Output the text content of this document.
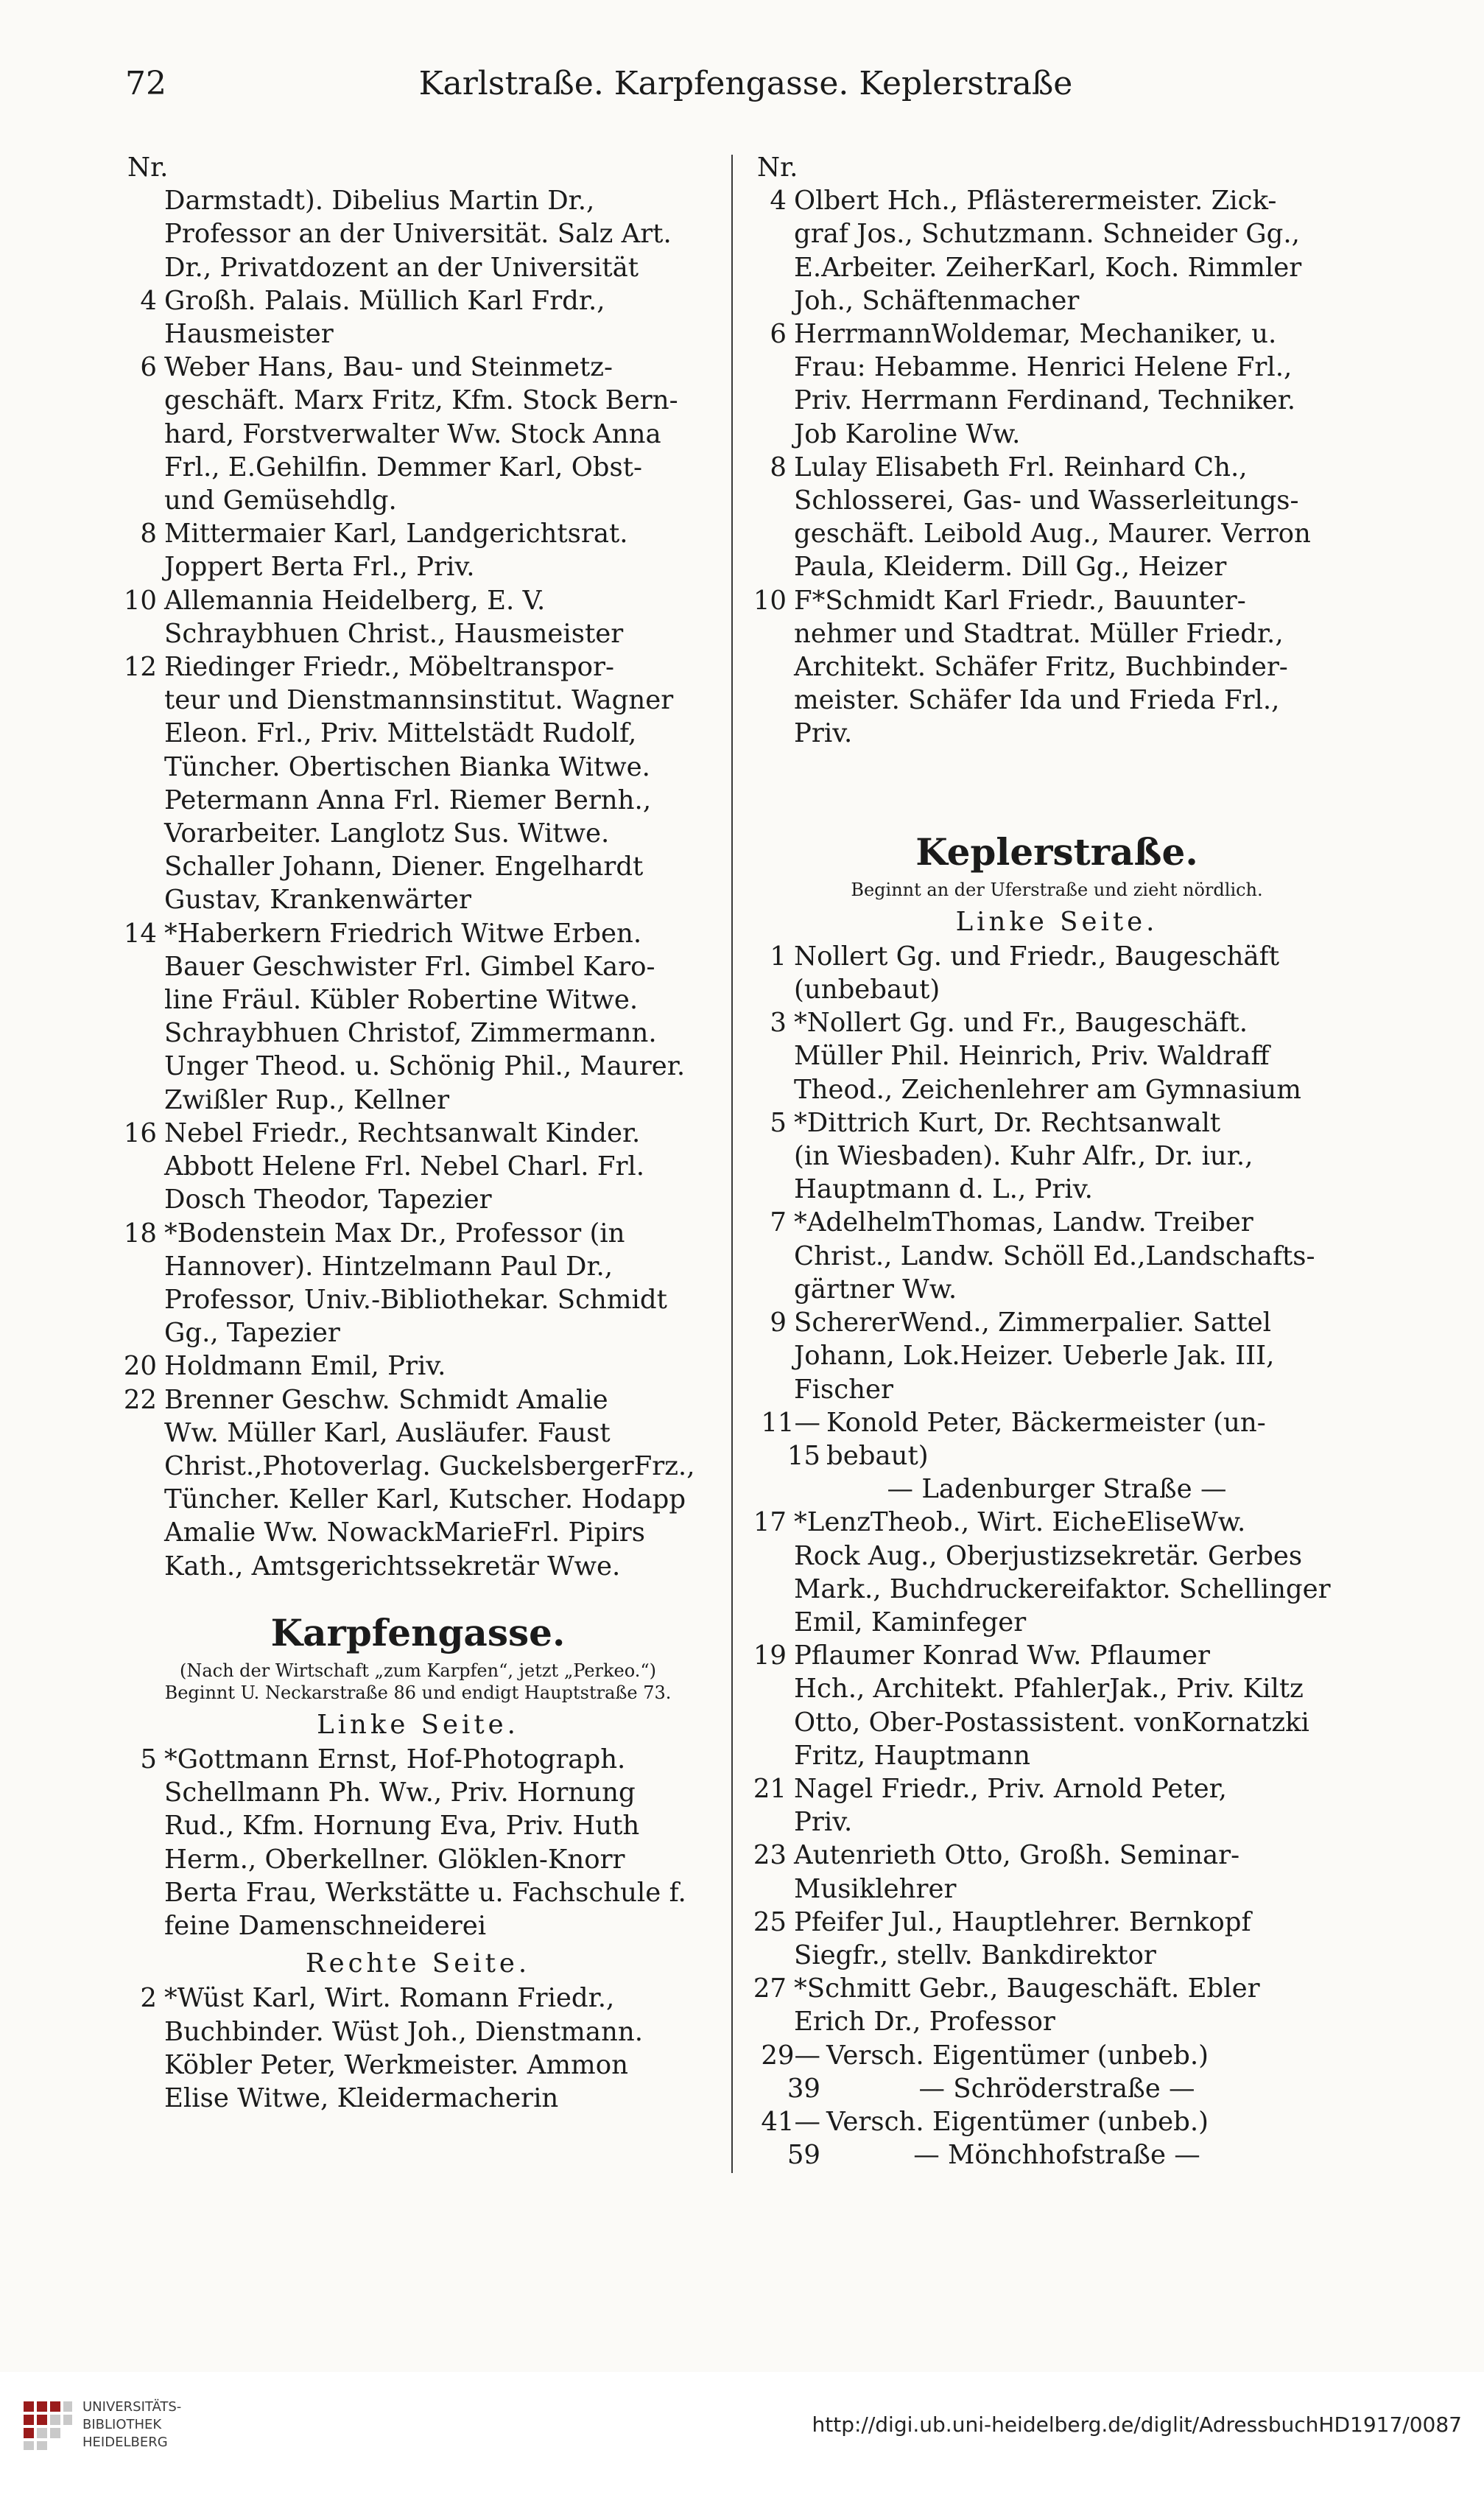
72	Karlstraße. Karpfengasse. Keplerstraße
Nr.
Darmstadt). Dibelius Martin Dr.,
Professor an der Universität. Salz Art.
Dr., Privatdozent an der Universität
4 Großh. Palais. Müllich Karl Frdr.,
Hausmeister
6 Weber Hans, Bau- und Steinmetz-
geschäft. Marx Fritz, Kfm. Stock Bern-
hard, Forstverwalter Ww. Stock Anna
Frl., E.Gehilfin. Demmer Karl, Obst-
und Gemüsehdlg.
8 Mittermaier Karl, Landgerichtsrat.
Joppert Berta Frl., Priv.
10 Allemannia Heidelberg, E. V.
Schraybhuen Christ., Hausmeister
12 Riedinger Friedr., Möbeltranspor-
teur und Dienstmannsinstitut. Wagner
Eleon. Frl., Priv. Mittelstädt Rudolf,
Tüncher. Obertischen Bianka Witwe.
Petermann Anna Frl. Riemer Bernh.,
Vorarbeiter. Langlotz Sus. Witwe.
Schaller Johann, Diener. Engelhardt
Gustav, Krankenwärter
14 *Haberkern Friedrich Witwe Erben.
Bauer Geschwister Frl. Gimbel Karo-
line Fräul. Kübler Robertine Witwe.
Schraybhuen Christof, Zimmermann.
Unger Theod. u. Schönig Phil., Maurer.
Zwißler Rup., Kellner
16 Nebel Friedr., Rechtsanwalt Kinder.
Abbott Helene Frl. Nebel Charl. Frl.
Dosch Theodor, Tapezier
18 *Bodenstein Max Dr., Professor (in
Hannover). Hintzelmann Paul Dr.,
Professor, Univ.-Bibliothekar. Schmidt
Gg., Tapezier
20 Holdmann Emil, Priv.
22 Brenner Geschw. Schmidt Amalie
Ww. Müller Karl, Ausläufer. Faust
Christ.,Photoverlag. GuckelsbergerFrz.,
Tüncher. Keller Karl, Kutscher. Hodapp
Amalie Ww. NowackMarieFrl. Pipirs
Kath., Amtsgerichtssekretär Wwe.
Karpfengasse.
(Nach der Wirtschaft „zum Karpfen“, jetzt „Perkeo.“)
Beginnt U. Neckarstraße 86 und endigt Hauptstraße 73.
Linke Seite.
5 *Gottmann Ernst, Hof-Photograph.
Schellmann Ph. Ww., Priv. Hornung
Rud., Kfm. Hornung Eva, Priv. Huth
Herm., Oberkellner. Glöklen-Knorr
Berta Frau, Werkstätte u. Fachschule f.
feine Damenschneiderei
Rechte Seite.
2 *Wüst Karl, Wirt. Romann Friedr.,
Buchbinder. Wüst Joh., Dienstmann.
Köbler Peter, Werkmeister. Ammon
Elise Witwe, Kleidermacherin
Nr.
4 Olbert Hch., Pflästerermeister. Zick-
graf Jos., Schutzmann. Schneider Gg.,
E.Arbeiter. ZeiherKarl, Koch. Rimmler
Joh., Schäftenmacher
6 HerrmannWoldemar, Mechaniker, u.
Frau: Hebamme. Henrici Helene Frl.,
Priv. Herrmann Ferdinand, Techniker.
Job Karoline Ww.
8 Lulay Elisabeth Frl. Reinhard Ch.,
Schlosserei, Gas- und Wasserleitungs-
geschäft. Leibold Aug., Maurer. Verron
Paula, Kleiderm. Dill Gg., Heizer
10 F*Schmidt Karl Friedr., Bauunter-
nehmer und Stadtrat. Müller Friedr.,
Architekt. Schäfer Fritz, Buchbinder-
meister. Schäfer Ida und Frieda Frl.,
Priv.
Keplerstraße.
Beginnt an der Uferstraße und zieht nördlich.
Linke Seite.
1 Nollert Gg. und Friedr., Baugeschäft
(unbebaut)
3 *Nollert Gg. und Fr., Baugeschäft.
Müller Phil. Heinrich, Priv. Waldraff
Theod., Zeichenlehrer am Gymnasium
5 *Dittrich Kurt, Dr. Rechtsanwalt
(in Wiesbaden). Kuhr Alfr., Dr. iur.,
Hauptmann d. L., Priv.
7 *AdelhelmThomas, Landw. Treiber
Christ., Landw. Schöll Ed.,Landschafts-
gärtner Ww.
9 SchererWend., Zimmerpalier. Sattel
Johann, Lok.Heizer. Ueberle Jak. III,
Fischer
11—15
Konold Peter, Bäckermeister (un-
bebaut)
— Ladenburger Straße —
17 *LenzTheob., Wirt. EicheEliseWw.
Rock Aug., Oberjustizsekretär. Gerbes
Mark., Buchdruckereifaktor. Schellinger
Emil, Kaminfeger
19 Pflaumer Konrad Ww. Pflaumer
Hch., Architekt. PfahlerJak., Priv. Kiltz
Otto, Ober-Postassistent. vonKornatzki
Fritz, Hauptmann
21 Nagel Friedr., Priv. Arnold Peter,
Priv.
23 Autenrieth Otto, Großh. Seminar-
Musiklehrer
25 Pfeifer Jul., Hauptlehrer. Bernkopf
Siegfr., stellv. Bankdirektor
27 *Schmitt Gebr., Baugeschäft. Ebler
Erich Dr., Professor
29—39
Versch. Eigentümer (unbeb.)
— Schröderstraße —
41—59
Versch. Eigentümer (unbeb.)
— Mönchhofstraße —
UNIVERSITÄTS-
BIBLIOTHEK
HEIDELBERG
http://digi.ub.uni-heidelberg.de/diglit/AdressbuchHD1917/0087
